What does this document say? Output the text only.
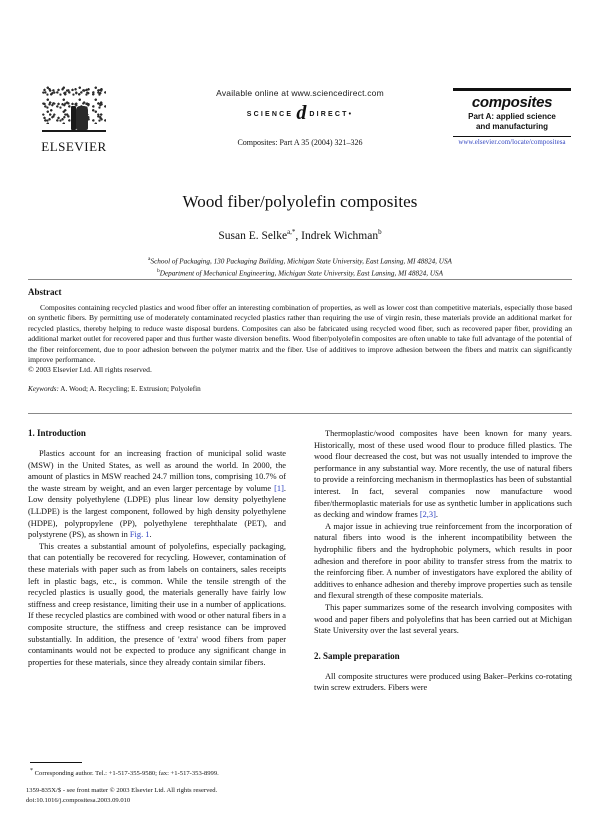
ELSEVIER
Available online at www.sciencedirect.com
SCIENCE d DIRECT•
Composites: Part A 35 (2004) 321–326
composites
Part A: applied science
and manufacturing
www.elsevier.com/locate/compositesa
Wood fiber/polyolefin composites
Susan E. Selke$^{a,*}$, Indrek Wichman$^b$
$^a$School of Packaging, 130 Packaging Building, Michigan State University, East Lansing, MI 48824, USA
$^b$Department of Mechanical Engineering, Michigan State University, East Lansing, MI 48824, USA
Abstract

Composites containing recycled plastics and wood fiber offer an interesting combination of properties, as well as lower cost than competitive materials, especially those based on synthetic fibers. By permitting use of moderately contaminated recycled plastics rather than requiring the use of virgin resin, these materials provide an additional market for recycled plastics, thereby helping to reduce waste disposal burdens. Composites can also be fabricated using recycled wood fiber, such as recovered paper fiber, providing an additional market outlet for recovered paper and thus further waste diversion benefits. Wood fiber/polyolefin composites are often unable to take full advantage of the potential of the fiber reinforcement, due to poor adhesion between the polymer matrix and the fiber. Use of additives to improve adhesion between the fibers and matrix can significantly improve performance.

© 2003 Elsevier Ltd. All rights reserved.

Keywords: A. Wood; A. Recycling; E. Extrusion; Polyolefin
1. Introduction

Plastics account for an increasing fraction of municipal solid waste (MSW) in the United States, as well as around the world. In 2000, the amount of plastics in MSW reached 24.7 million tons, comprising 10.7% of the waste stream by weight, and an even larger percentage by volume [1]. Low density polyethylene (LDPE) plus linear low density polyethylene (LLDPE) is the largest component, followed by high density polyethylene (HDPE), polypropylene (PP), polyethylene terephthalate (PET), and polystyrene (PS), as shown in Fig. 1.

This creates a substantial amount of polyolefins, especially packaging, that can potentially be recovered for recycling. However, contamination of these materials with paper such as from labels on containers, sales receipts left in plastic bags, etc., is common. While the tensile strength of the recycled plastics is usually good, the materials generally have fairly low stiffness and creep resistance, limiting their use in a number of applications. If these recycled plastics are combined with wood or other natural fibers in a composite structure, the stiffness and creep resistance can be improved substantially. In addition, the presence of 'extra' wood fibers from paper contaminants would not be expected to produce any significant change in properties for these materials, since they already contain similar fibers.

Thermoplastic/wood composites have been known for many years. Historically, most of these used wood flour to produce filled plastics. The wood flour decreased the cost, but was not usually intended to improve the performance in any substantial way. More recently, the use of natural fibers to provide a reinforcing mechanism in thermoplastics has been of substantial interest. In fact, several companies now manufacture wood fiber/thermoplastic materials for use as synthetic lumber in applications such as decking and window frames [2,3].

A major issue in achieving true reinforcement from the incorporation of natural fibers into wood is the inherent incompatibility between the hydrophilic fibers and the hydrophobic polymers, which results in poor adhesion and therefore in poor ability to transfer stress from the matrix to the reinforcing fiber. A number of investigators have explored the ability of additives to enhance adhesion and thereby improve properties such as tensile and flexural strength of these composite materials.

This paper summarizes some of the research involving composites with wood and paper fibers and polyolefins that has been carried out at Michigan State University over the last several years.

2. Sample preparation

All composite structures were produced using Baker–Perkins co-rotating twin screw extruders. Fibers were

* Corresponding author. Tel.: +1-517-355-9580; fax: +1-517-353-8999.
1359-835X/$ - see front matter © 2003 Elsevier Ltd. All rights reserved.
doi:10.1016/j.compositesa.2003.09.010
